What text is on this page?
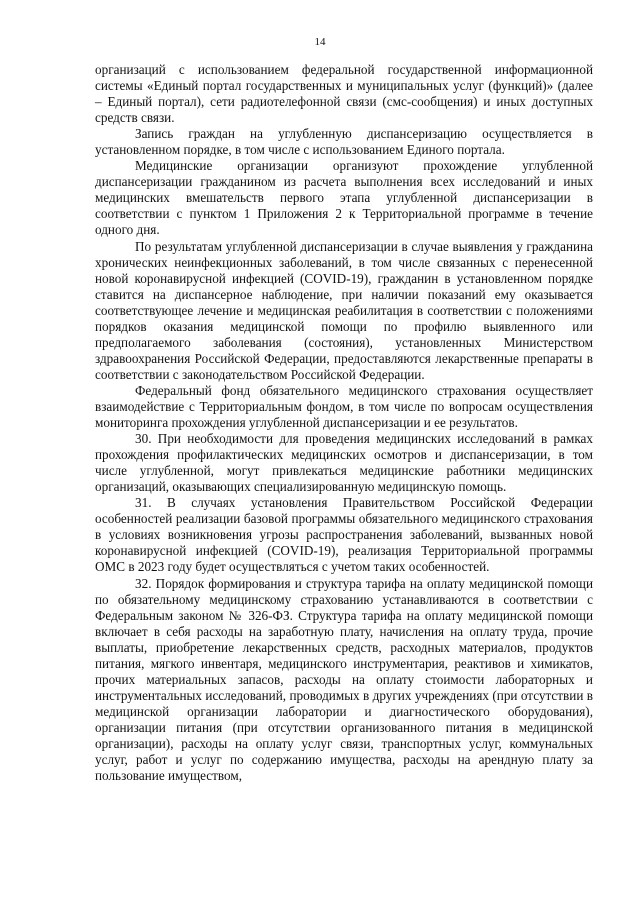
14

организаций с использованием федеральной государственной информационной системы «Единый портал государственных и муниципальных услуг (функций)» (далее – Единый портал), сети радиотелефонной связи (смс-сообщения) и иных доступных средств связи.

Запись граждан на углубленную диспансеризацию осуществляется в установленном порядке, в том числе с использованием Единого портала.

Медицинские организации организуют прохождение углубленной диспансеризации гражданином из расчета выполнения всех исследований и иных медицинских вмешательств первого этапа углубленной диспансеризации в соответствии с пунктом 1 Приложения 2 к Территориальной программе в течение одного дня.

По результатам углубленной диспансеризации в случае выявления у гражданина хронических неинфекционных заболеваний, в том числе связанных с перенесенной новой коронавирусной инфекцией (COVID-19), гражданин в установленном порядке ставится на диспансерное наблюдение, при наличии показаний ему оказывается соответствующее лечение и медицинская реабилитация в соответствии с положениями порядков оказания медицинской помощи по профилю выявленного или предполагаемого заболевания (состояния), установленных Министерством здравоохранения Российской Федерации, предоставляются лекарственные препараты в соответствии с законодательством Российской Федерации.

Федеральный фонд обязательного медицинского страхования осуществляет взаимодействие с Территориальным фондом, в том числе по вопросам осуществления мониторинга прохождения углубленной диспансеризации и ее результатов.

30. При необходимости для проведения медицинских исследований в рамках прохождения профилактических медицинских осмотров и диспансеризации, в том числе углубленной, могут привлекаться медицинские работники медицинских организаций, оказывающих специализированную медицинскую помощь.

31. В случаях установления Правительством Российской Федерации особенностей реализации базовой программы обязательного медицинского страхования в условиях возникновения угрозы распространения заболеваний, вызванных новой коронавирусной инфекцией (COVID-19), реализация Территориальной программы ОМС в 2023 году будет осуществляться с учетом таких особенностей.

32. Порядок формирования и структура тарифа на оплату медицинской помощи по обязательному медицинскому страхованию устанавливаются в соответствии с Федеральным законом № 326-ФЗ. Структура тарифа на оплату медицинской помощи включает в себя расходы на заработную плату, начисления на оплату труда, прочие выплаты, приобретение лекарственных средств, расходных материалов, продуктов питания, мягкого инвентаря, медицинского инструментария, реактивов и химикатов, прочих материальных запасов, расходы на оплату стоимости лабораторных и инструментальных исследований, проводимых в других учреждениях (при отсутствии в медицинской организации лаборатории и диагностического оборудования), организации питания (при отсутствии организованного питания в медицинской организации), расходы на оплату услуг связи, транспортных услуг, коммунальных услуг, работ и услуг по содержанию имущества, расходы на арендную плату за пользование имуществом,
